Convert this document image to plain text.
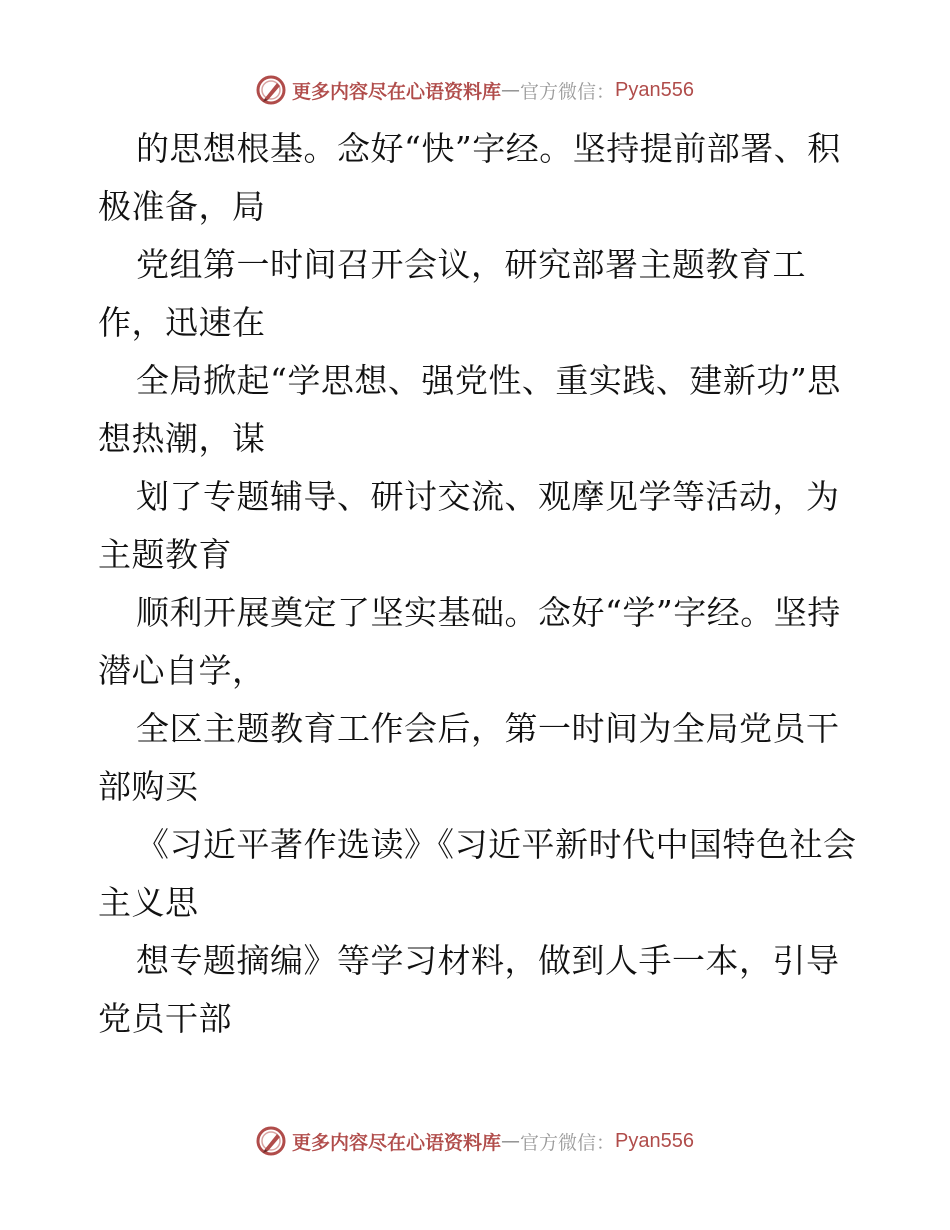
更多内容尽在心语资料库 — 官方微信： Pyan556

的思想根基。念好“快”字经。坚持提前部署、积极准备，局

党组第一时间召开会议，研究部署主题教育工作，迅速在

全局掀起“学思想、强党性、重实践、建新功”思想热潮，谋

划了专题辅导、研讨交流、观摩见学等活动，为主题教育

顺利开展奠定了坚实基础。念好“学”字经。坚持潜心自学，

全区主题教育工作会后，第一时间为全局党员干部购买

《习近平著作选读》《习近平新时代中国特色社会主义思

想专题摘编》等学习材料，做到人手一本，引导党员干部

更多内容尽在心语资料库 — 官方微信： Pyan556
